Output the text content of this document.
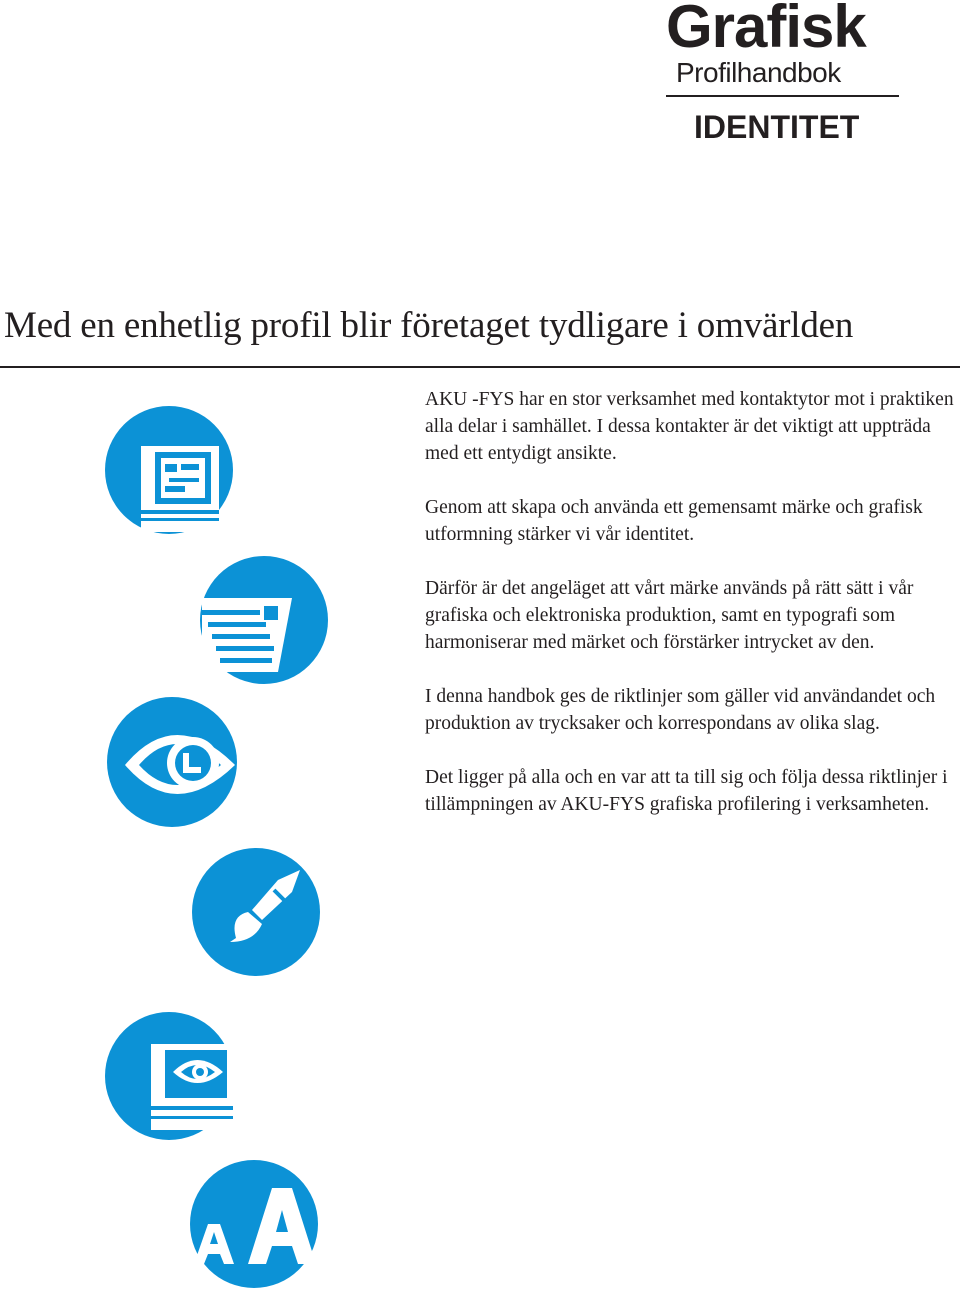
Grafisk
Profilhandbok
IDENTITET
Med en enhetlig profil blir företaget tydligare i omvärlden

AKU -FYS har en stor verksamhet med kontaktytor mot i praktiken alla delar i samhället. I dessa kontakter är det viktigt att uppträda med ett entydigt ansikte.

Genom att skapa och använda ett gemensamt märke och grafisk utformning stärker vi vår identitet.

Därför är det angeläget att vårt märke används på rätt sätt i vår grafiska och elektroniska produktion, samt en typografi som harmoniserar med märket och förstärker intrycket av den.

I denna handbok ges de riktlinjer som gäller vid användandet och produktion av trycksaker och korrespondans av olika slag.

Det ligger på alla och en var att ta till sig och följa dessa riktlinjer i tillämpningen av AKU-FYS grafiska profilering i verksamheten.
